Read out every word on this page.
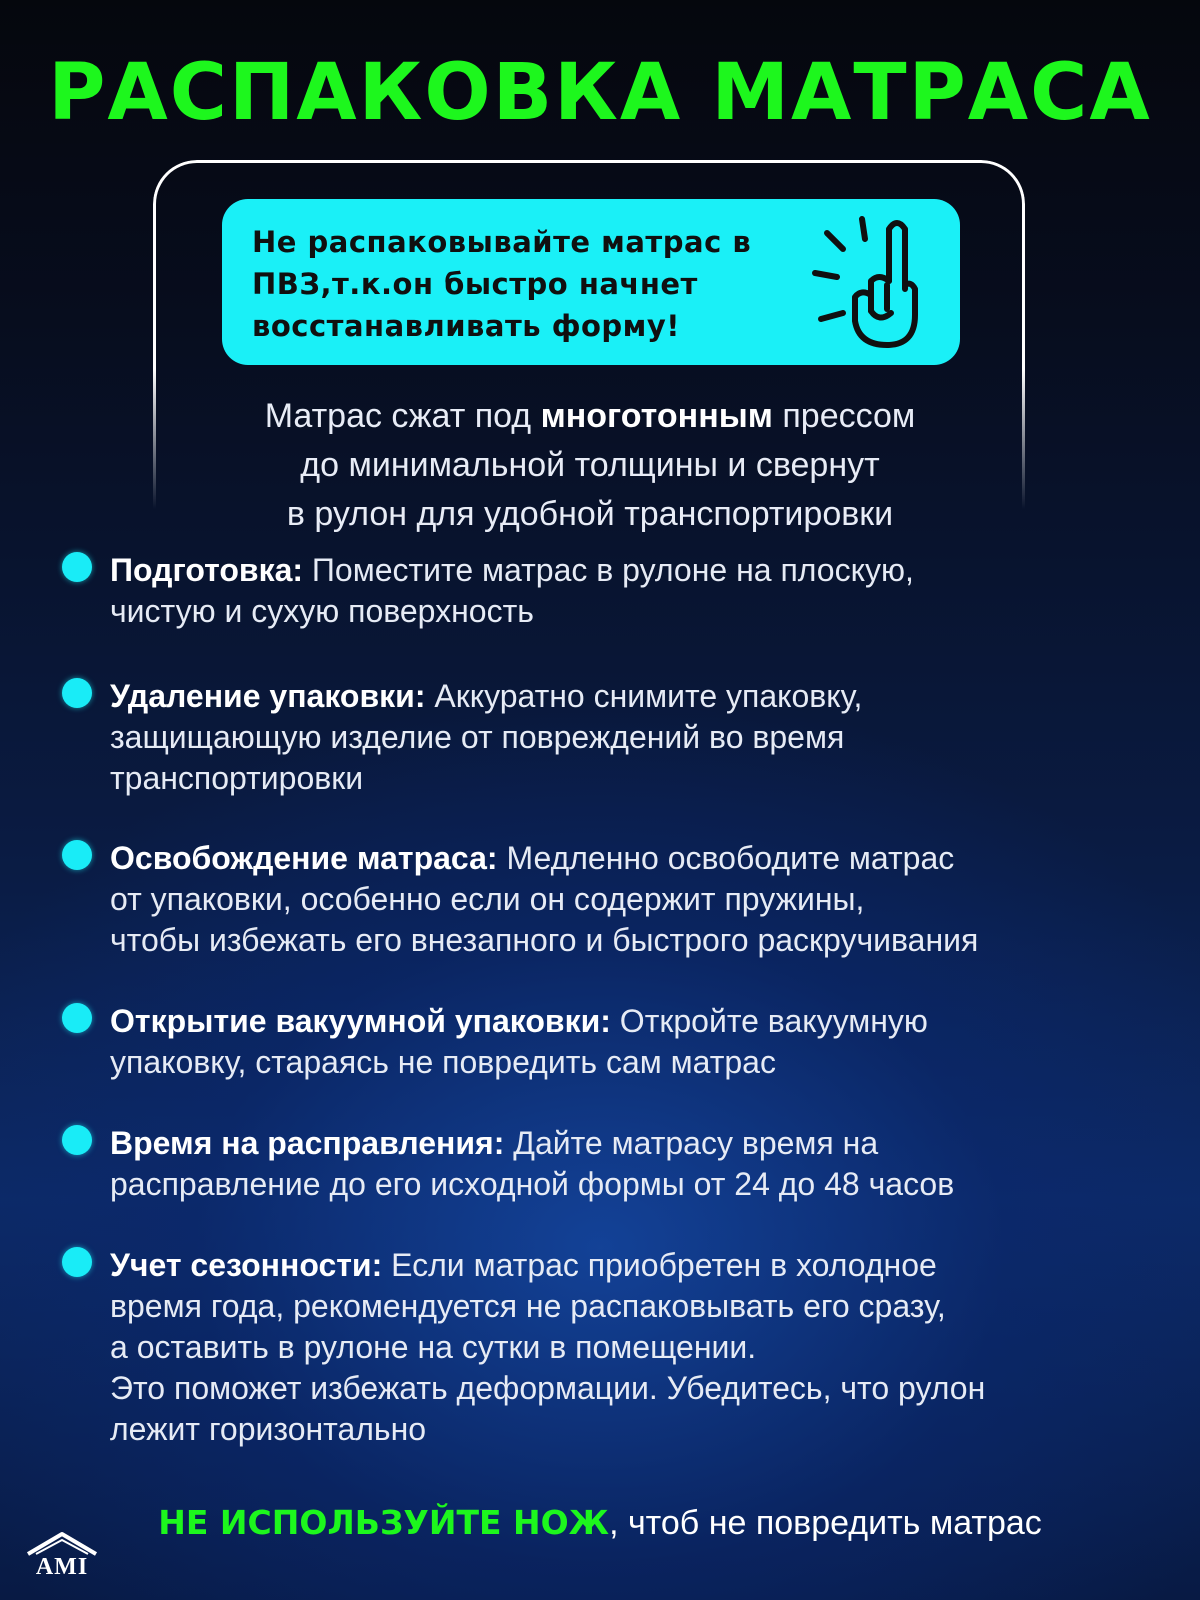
РАСПАКОВКА МАТРАСА
Не распаковывайте матрас в
ПВЗ,т.к.он быстро начнет
восстанавливать форму!
Матрас сжат под многотонным прессом
до минимальной толщины и свернут
в рулон для удобной транспортировки
Подготовка: Поместите матрас в рулоне на плоскую,
чистую и сухую поверхность
Удаление упаковки: Аккуратно снимите упаковку,
защищающую изделие от повреждений во время
транспортировки
Освобождение матраса: Медленно освободите матрас
от упаковки, особенно если он содержит пружины,
чтобы избежать его внезапного и быстрого раскручивания
Открытие вакуумной упаковки: Откройте вакуумную
упаковку, стараясь не повредить сам матрас
Время на расправления: Дайте матрасу время на
расправление до его исходной формы от 24 до 48 часов
Учет сезонности: Если матрас приобретен в холодное
время года, рекомендуется не распаковывать его сразу,
а оставить в рулоне на сутки в помещении.
Это поможет избежать деформации. Убедитесь, что рулон
лежит горизонтально
НЕ ИСПОЛЬЗУЙТЕ НОЖ, чтоб не повредить матрас
AMI
